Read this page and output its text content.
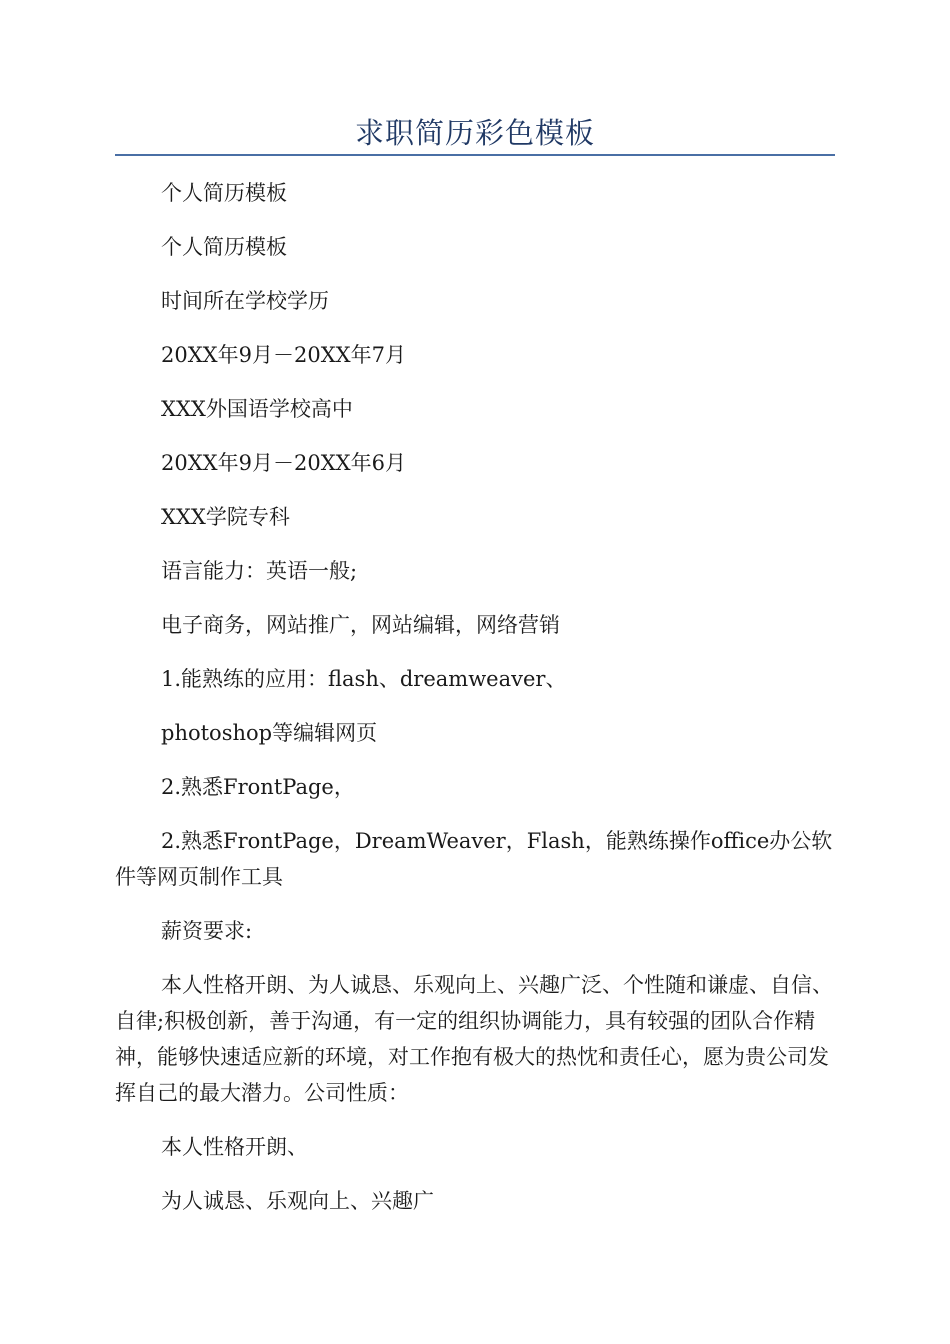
求职简历彩色模板

个人简历模板

个人简历模板

时间所在学校学历

20XX年9月－20XX年7月

XXX外国语学校高中

20XX年9月－20XX年6月

XXX学院专科

语言能力：英语一般;

电子商务，网站推广，网站编辑，网络营销

1.能熟练的应用：flash、dreamweaver、

photoshop等编辑网页

2.熟悉FrontPage，

2.熟悉FrontPage，DreamWeaver，Flash，能熟练操作office办公软件等网页制作工具

薪资要求:

本人性格开朗、为人诚恳、乐观向上、兴趣广泛、个性随和谦虚、自信、自律;积极创新，善于沟通，有一定的组织协调能力，具有较强的团队合作精神，能够快速适应新的环境，对工作抱有极大的热忱和责任心，愿为贵公司发挥自己的最大潜力。公司性质：

本人性格开朗、

为人诚恳、乐观向上、兴趣广
